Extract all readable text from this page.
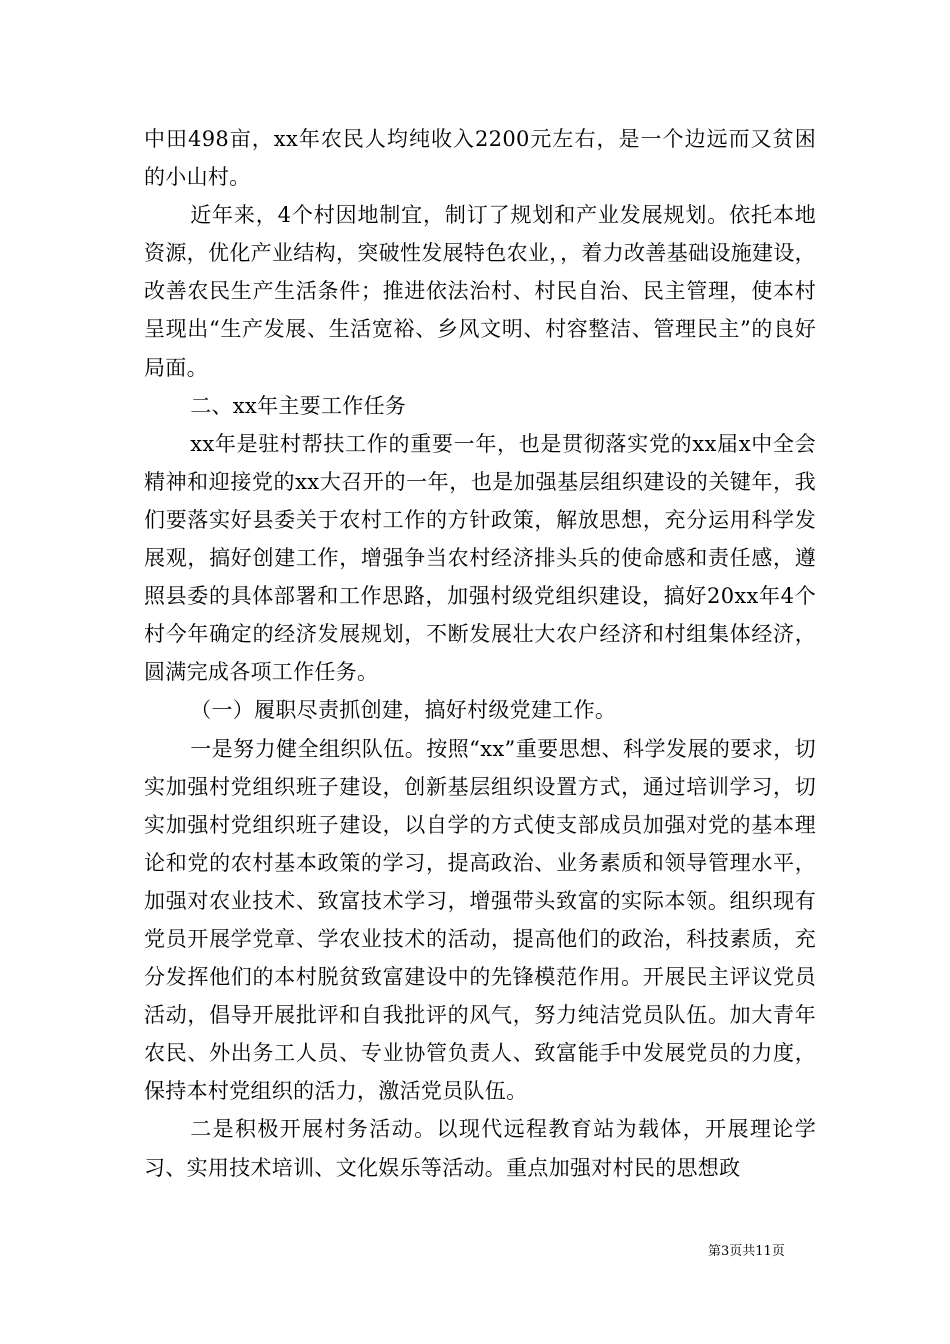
中田498亩，xx年农民人均纯收入2200元左右，是一个边远而又贫困的小山村。

近年来，4个村因地制宜，制订了规划和产业发展规划。依托本地资源，优化产业结构，突破性发展特色农业，，着力改善基础设施建设，改善农民生产生活条件；推进依法治村、村民自治、民主管理，使本村呈现出“生产发展、生活宽裕、乡风文明、村容整洁、管理民主”的良好局面。

二、xx年主要工作任务

xx年是驻村帮扶工作的重要一年，也是贯彻落实党的xx届x中全会精神和迎接党的xx大召开的一年，也是加强基层组织建设的关键年，我们要落实好县委关于农村工作的方针政策，解放思想，充分运用科学发展观，搞好创建工作，增强争当农村经济排头兵的使命感和责任感，遵照县委的具体部署和工作思路，加强村级党组织建设，搞好20xx年4个村今年确定的经济发展规划，不断发展壮大农户经济和村组集体经济，圆满完成各项工作任务。

（一）履职尽责抓创建，搞好村级党建工作。

一是努力健全组织队伍。按照“xx”重要思想、科学发展的要求，切实加强村党组织班子建设，创新基层组织设置方式，通过培训学习，切实加强村党组织班子建设，以自学的方式使支部成员加强对党的基本理论和党的农村基本政策的学习，提高政治、业务素质和领导管理水平，加强对农业技术、致富技术学习，增强带头致富的实际本领。组织现有党员开展学党章、学农业技术的活动，提高他们的政治，科技素质，充分发挥他们的本村脱贫致富建设中的先锋模范作用。开展民主评议党员活动，倡导开展批评和自我批评的风气，努力纯洁党员队伍。加大青年农民、外出务工人员、专业协管负责人、致富能手中发展党员的力度，保持本村党组织的活力，激活党员队伍。

二是积极开展村务活动。以现代远程教育站为载体，开展理论学习、实用技术培训、文化娱乐等活动。重点加强对村民的思想政

第3页共11页
